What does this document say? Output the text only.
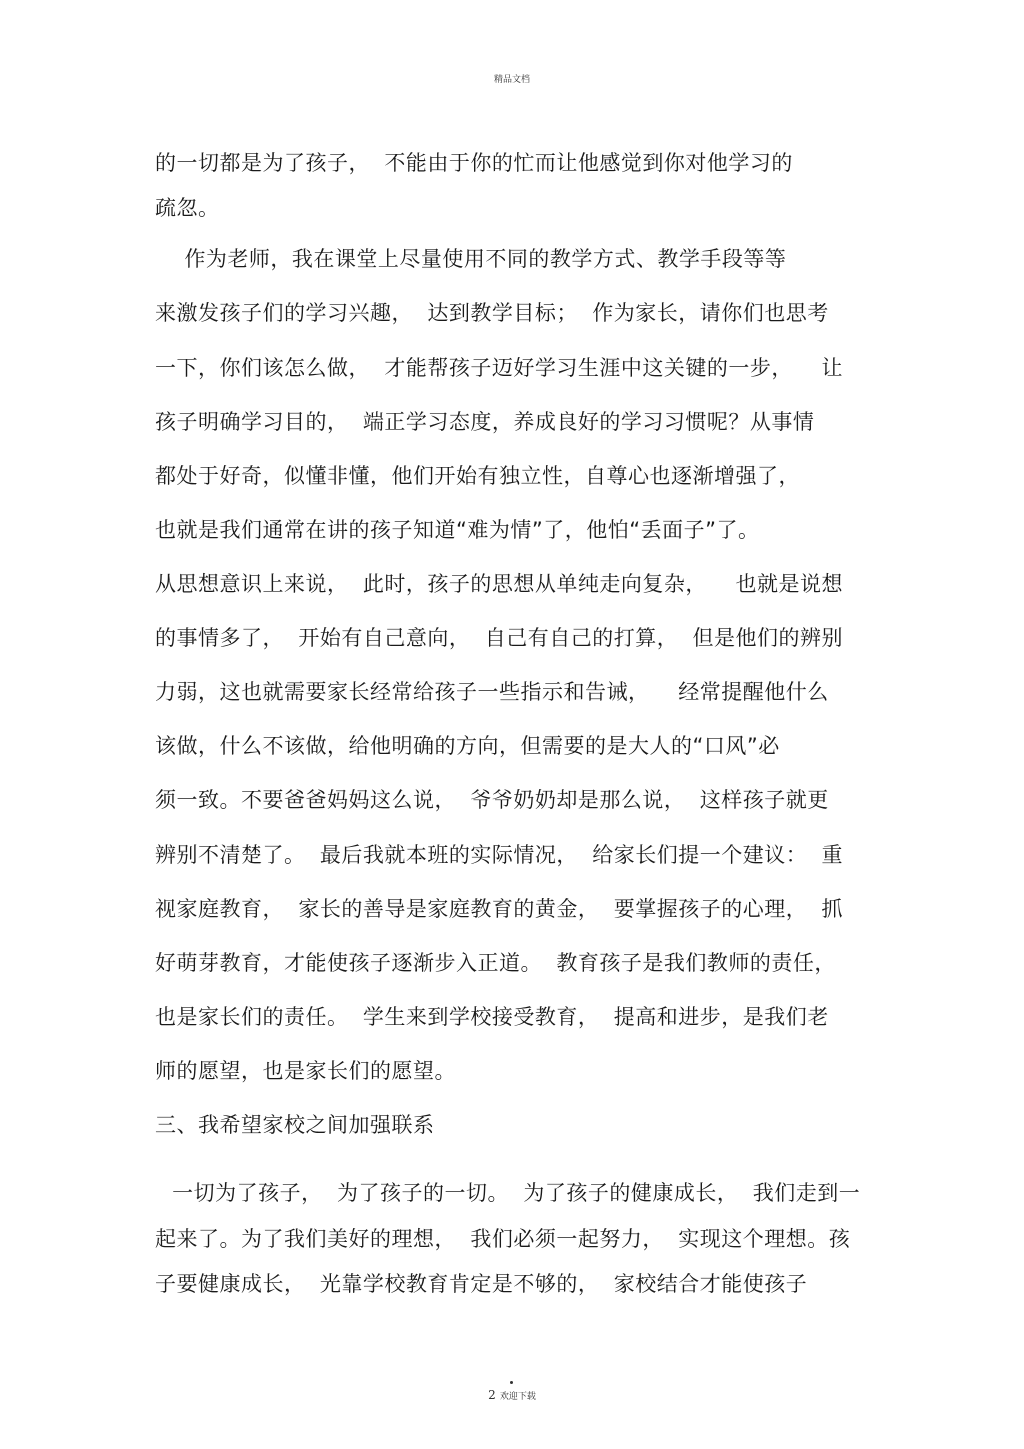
精品文档
的一切都是为了孩子，  不能由于你的忙而让他感觉到你对他学习的
疏忽。
作为老师，我在课堂上尽量使用不同的教学方式、教学手段等等
来激发孩子们的学习兴趣，  达到教学目标；  作为家长，请你们也思考
一下，你们该怎么做，  才能帮孩子迈好学习生涯中这关键的一步，    让
孩子明确学习目的，  端正学习态度，养成良好的学习习惯呢？从事情
都处于好奇，似懂非懂，他们开始有独立性，自尊心也逐渐增强了，
也就是我们通常在讲的孩子知道“难为情”了，他怕“丢面子”了。
从思想意识上来说，  此时，孩子的思想从单纯走向复杂，    也就是说想
的事情多了，  开始有自己意向，  自己有自己的打算，  但是他们的辨别
力弱，这也就需要家长经常给孩子一些指示和告诫，    经常提醒他什么
该做，什么不该做，给他明确的方向，但需要的是大人的“口风”必
须一致。不要爸爸妈妈这么说，  爷爷奶奶却是那么说，  这样孩子就更
辨别不清楚了。  最后我就本班的实际情况，  给家长们提一个建议：  重
视家庭教育，  家长的善导是家庭教育的黄金，  要掌握孩子的心理，  抓
好萌芽教育，才能使孩子逐渐步入正道。  教育孩子是我们教师的责任，
也是家长们的责任。  学生来到学校接受教育，  提高和进步，是我们老
师的愿望，也是家长们的愿望。
三、我希望家校之间加强联系
一切为了孩子，  为了孩子的一切。  为了孩子的健康成长，  我们走到一
起来了。为了我们美好的理想，  我们必须一起努力，  实现这个理想。孩
子要健康成长，  光靠学校教育肯定是不够的，  家校结合才能使孩子
2 欢迎下载
